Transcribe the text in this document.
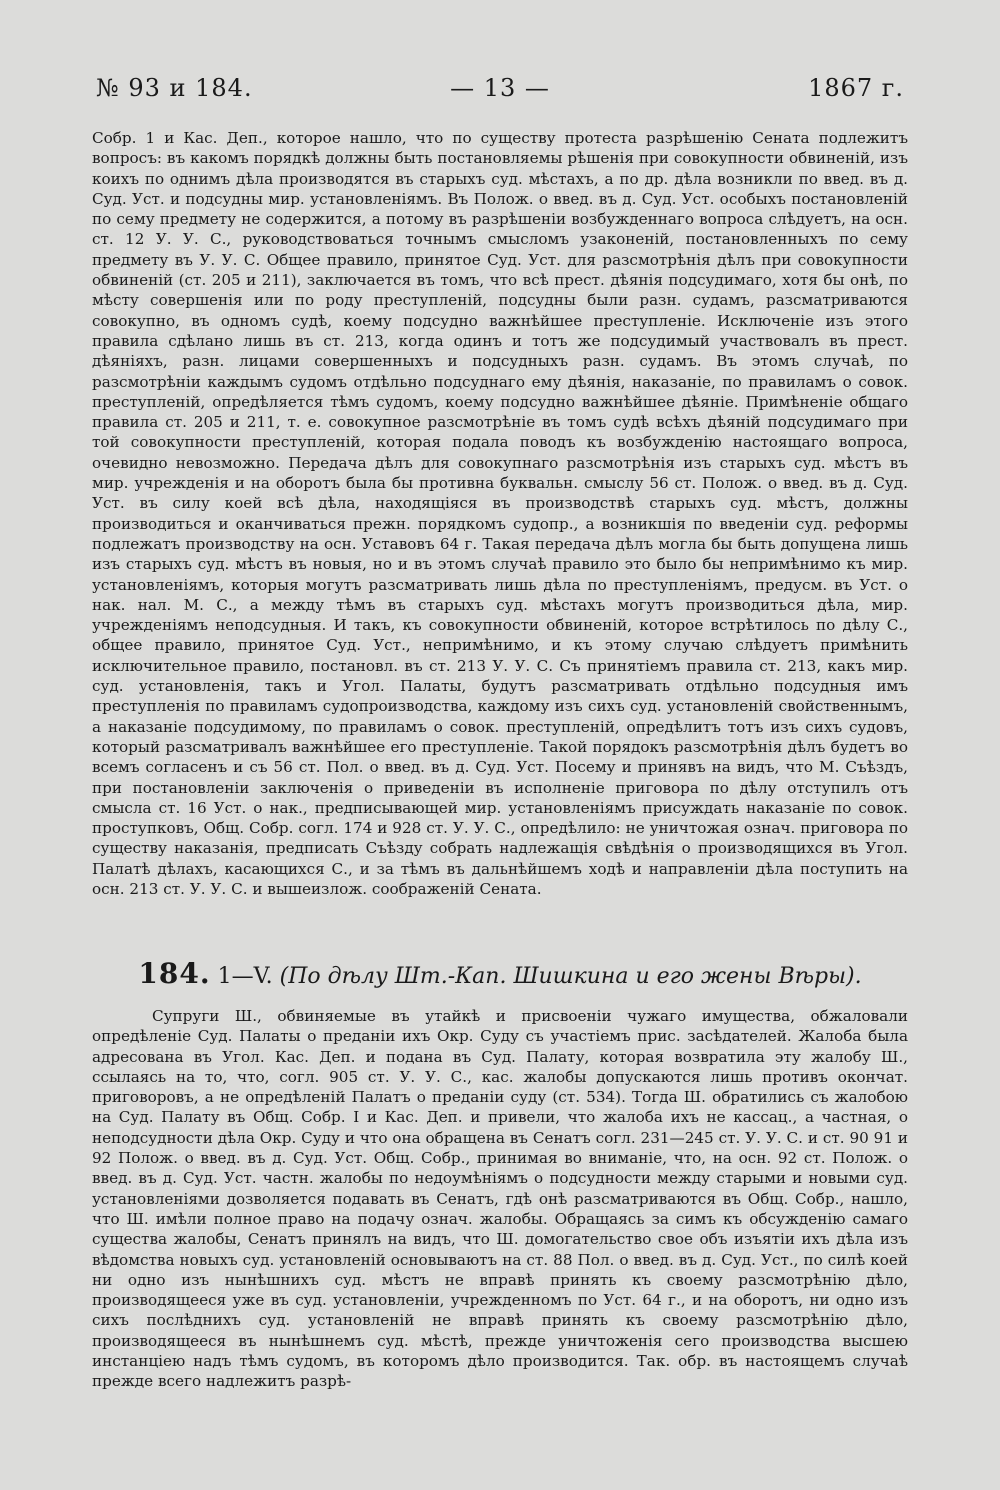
№ 93 и 184.	— 13 —	1867 г.

Собр. 1 и Кас. Деп., которое нашло, что по существу протеста разрѣшенію Сената подлежитъ вопросъ: въ какомъ порядкѣ должны быть постановляемы рѣшенія при совокупности обвиненій, изъ коихъ по однимъ дѣла производятся въ старыхъ суд. мѣстахъ, а по др. дѣла возникли по введ. въ д. Суд. Уст. и подсудны мир. установленіямъ. Въ Полож. о введ. въ д. Суд. Уст. особыхъ постановленій по сему предмету не содержится, а потому въ разрѣшеніи возбужденнаго вопроса слѣдуетъ, на осн. ст. 12 У. У. С., руководствоваться точнымъ смысломъ узаконеній, постановленныхъ по сему предмету въ У. У. С. Общее правило, принятое Суд. Уст. для разсмотрѣнія дѣлъ при совокупности обвиненій (ст. 205 и 211), заключается въ томъ, что всѣ прест. дѣянія подсудимаго, хотя бы онѣ, по мѣсту совершенія или по роду преступленій, подсудны были разн. судамъ, разсматриваются совокупно, въ одномъ судѣ, коему подсудно важнѣйшее преступленіе. Исключеніе изъ этого правила сдѣлано лишь въ ст. 213, когда одинъ и тотъ же подсудимый участвовалъ въ прест. дѣяніяхъ, разн. лицами совершенныхъ и подсудныхъ разн. судамъ. Въ этомъ случаѣ, по разсмотрѣніи каждымъ судомъ отдѣльно подсуднаго ему дѣянія, наказаніе, по правиламъ о совок. преступленій, опредѣляется тѣмъ судомъ, коему подсудно важнѣйшее дѣяніе. Примѣненіе общаго правила ст. 205 и 211, т. е. совокупное разсмотрѣніе въ томъ судѣ всѣхъ дѣяній подсудимаго при той совокупности преступленій, которая подала поводъ къ возбужденію настоящаго вопроса, очевидно невозможно. Передача дѣлъ для совокупнаго разсмотрѣнія изъ старыхъ суд. мѣстъ въ мир. учрежденія и на оборотъ была бы противна буквальн. смыслу 56 ст. Полож. о введ. въ д. Суд. Уст. въ силу коей всѣ дѣла, находящіяся въ производствѣ старыхъ суд. мѣстъ, должны производиться и оканчиваться прежн. порядкомъ судопр., а возникшія по введеніи суд. реформы подлежатъ производству на осн. Уставовъ 64 г. Такая передача дѣлъ могла бы быть допущена лишь изъ старыхъ суд. мѣстъ въ новыя, но и въ этомъ случаѣ правило это было бы непримѣнимо къ мир. установленіямъ, которыя могутъ разсматривать лишь дѣла по преступленіямъ, предусм. въ Уст. о нак. нал. М. С., а между тѣмъ въ старыхъ суд. мѣстахъ могутъ производиться дѣла, мир. учрежденіямъ неподсудныя. И такъ, къ совокупности обвиненій, которое встрѣтилось по дѣлу С., общее правило, принятое Суд. Уст., непримѣнимо, и къ этому случаю слѣдуетъ примѣнить исключительное правило, постановл. въ ст. 213 У. У. С. Съ принятіемъ правила ст. 213, какъ мир. суд. установленія, такъ и Угол. Палаты, будутъ разсматривать отдѣльно подсудныя имъ преступленія по правиламъ судопроизводства, каждому изъ сихъ суд. установленій свойственнымъ, а наказаніе подсудимому, по правиламъ о совок. преступленій, опредѣлитъ тотъ изъ сихъ судовъ, который разсматривалъ важнѣйшее его преступленіе. Такой порядокъ разсмотрѣнія дѣлъ будетъ во всемъ согласенъ и съ 56 ст. Пол. о введ. въ д. Суд. Уст. Посему и принявъ на видъ, что М. Съѣздъ, при постановленіи заключенія о приведеніи въ исполненіе приговора по дѣлу отступилъ отъ смысла ст. 16 Уст. о нак., предписывающей мир. установленіямъ присуждать наказаніе по совок. проступковъ, Общ. Собр. согл. 174 и 928 ст. У. У. С., опредѣлило: не уничтожая означ. приговора по существу наказанія, предписать Съѣзду собрать надлежащія свѣдѣнія о производящихся въ Угол. Палатѣ дѣлахъ, касающихся С., и за тѣмъ въ дальнѣйшемъ ходѣ и направленіи дѣла поступить на осн. 213 ст. У. У. С. и вышеизлож. соображеній Сената.

184. 1—V. (По дѣлу Шт.-Кап. Шишкина и его жены Вѣры).

Супруги Ш., обвиняемые въ утайкѣ и присвоеніи чужаго имущества, обжаловали опредѣленіе Суд. Палаты о преданіи ихъ Окр. Суду съ участіемъ прис. засѣдателей. Жалоба была адресована въ Угол. Кас. Деп. и подана въ Суд. Палату, которая возвратила эту жалобу Ш., ссылаясь на то, что, согл. 905 ст. У. У. С., кас. жалобы допускаются лишь противъ окончат. приговоровъ, а не опредѣленій Палатъ о преданіи суду (ст. 534). Тогда Ш. обратились съ жалобою на Суд. Палату въ Общ. Собр. I и Кас. Деп. и привели, что жалоба ихъ не кассац., а частная, о неподсудности дѣла Окр. Суду и что она обращена въ Сенатъ согл. 231—245 ст. У. У. С. и ст. 90 91 и 92 Полож. о введ. въ д. Суд. Уст. Общ. Собр., принимая во вниманіе, что, на осн. 92 ст. Полож. о введ. въ д. Суд. Уст. частн. жалобы по недоумѣніямъ о подсудности между старыми и новыми суд. установленіями дозволяется подавать въ Сенатъ, гдѣ онѣ разсматриваются въ Общ. Собр., нашло, что Ш. имѣли полное право на подачу означ. жалобы. Обращаясь за симъ къ обсужденію самаго существа жалобы, Сенатъ принялъ на видъ, что Ш. домогательство свое объ изъятіи ихъ дѣла изъ вѣдомства новыхъ суд. установленій основываютъ на ст. 88 Пол. о введ. въ д. Суд. Уст., по силѣ коей ни одно изъ нынѣшнихъ суд. мѣстъ не вправѣ принять къ своему разсмотрѣнію дѣло, производящееся уже въ суд. установленіи, учрежденномъ по Уст. 64 г., и на оборотъ, ни одно изъ сихъ послѣднихъ суд. установленій не вправѣ принять къ своему разсмотрѣнію дѣло, производящееся въ нынѣшнемъ суд. мѣстѣ, прежде уничтоженія сего производства высшею инстанціею надъ тѣмъ судомъ, въ которомъ дѣло производится. Так. обр. въ настоящемъ случаѣ прежде всего надлежитъ разрѣ-
